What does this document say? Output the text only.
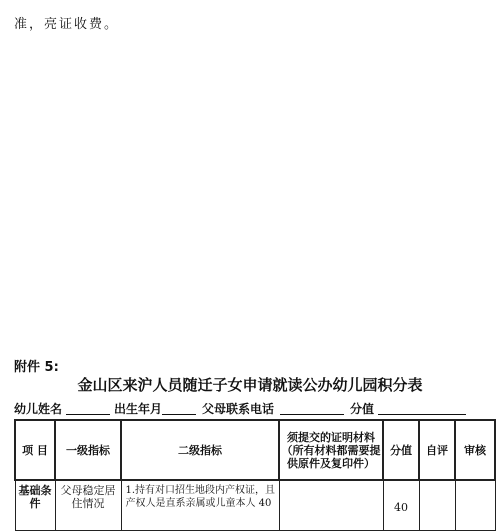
准，亮证收费。
附件 5:
金山区来沪人员随迁子女申请就读公办幼儿园积分表
幼儿姓名	出生年月	父母联系电话	分值
项 目	一级指标	二级指标	须提交的证明材料（所有材料都需要提供原件及复印件）	分值	自评	审核
基础条件	父母稳定居住情况	1.持有对口招生地段内产权证，且产权人是直系亲属或儿童本人 40		40		
